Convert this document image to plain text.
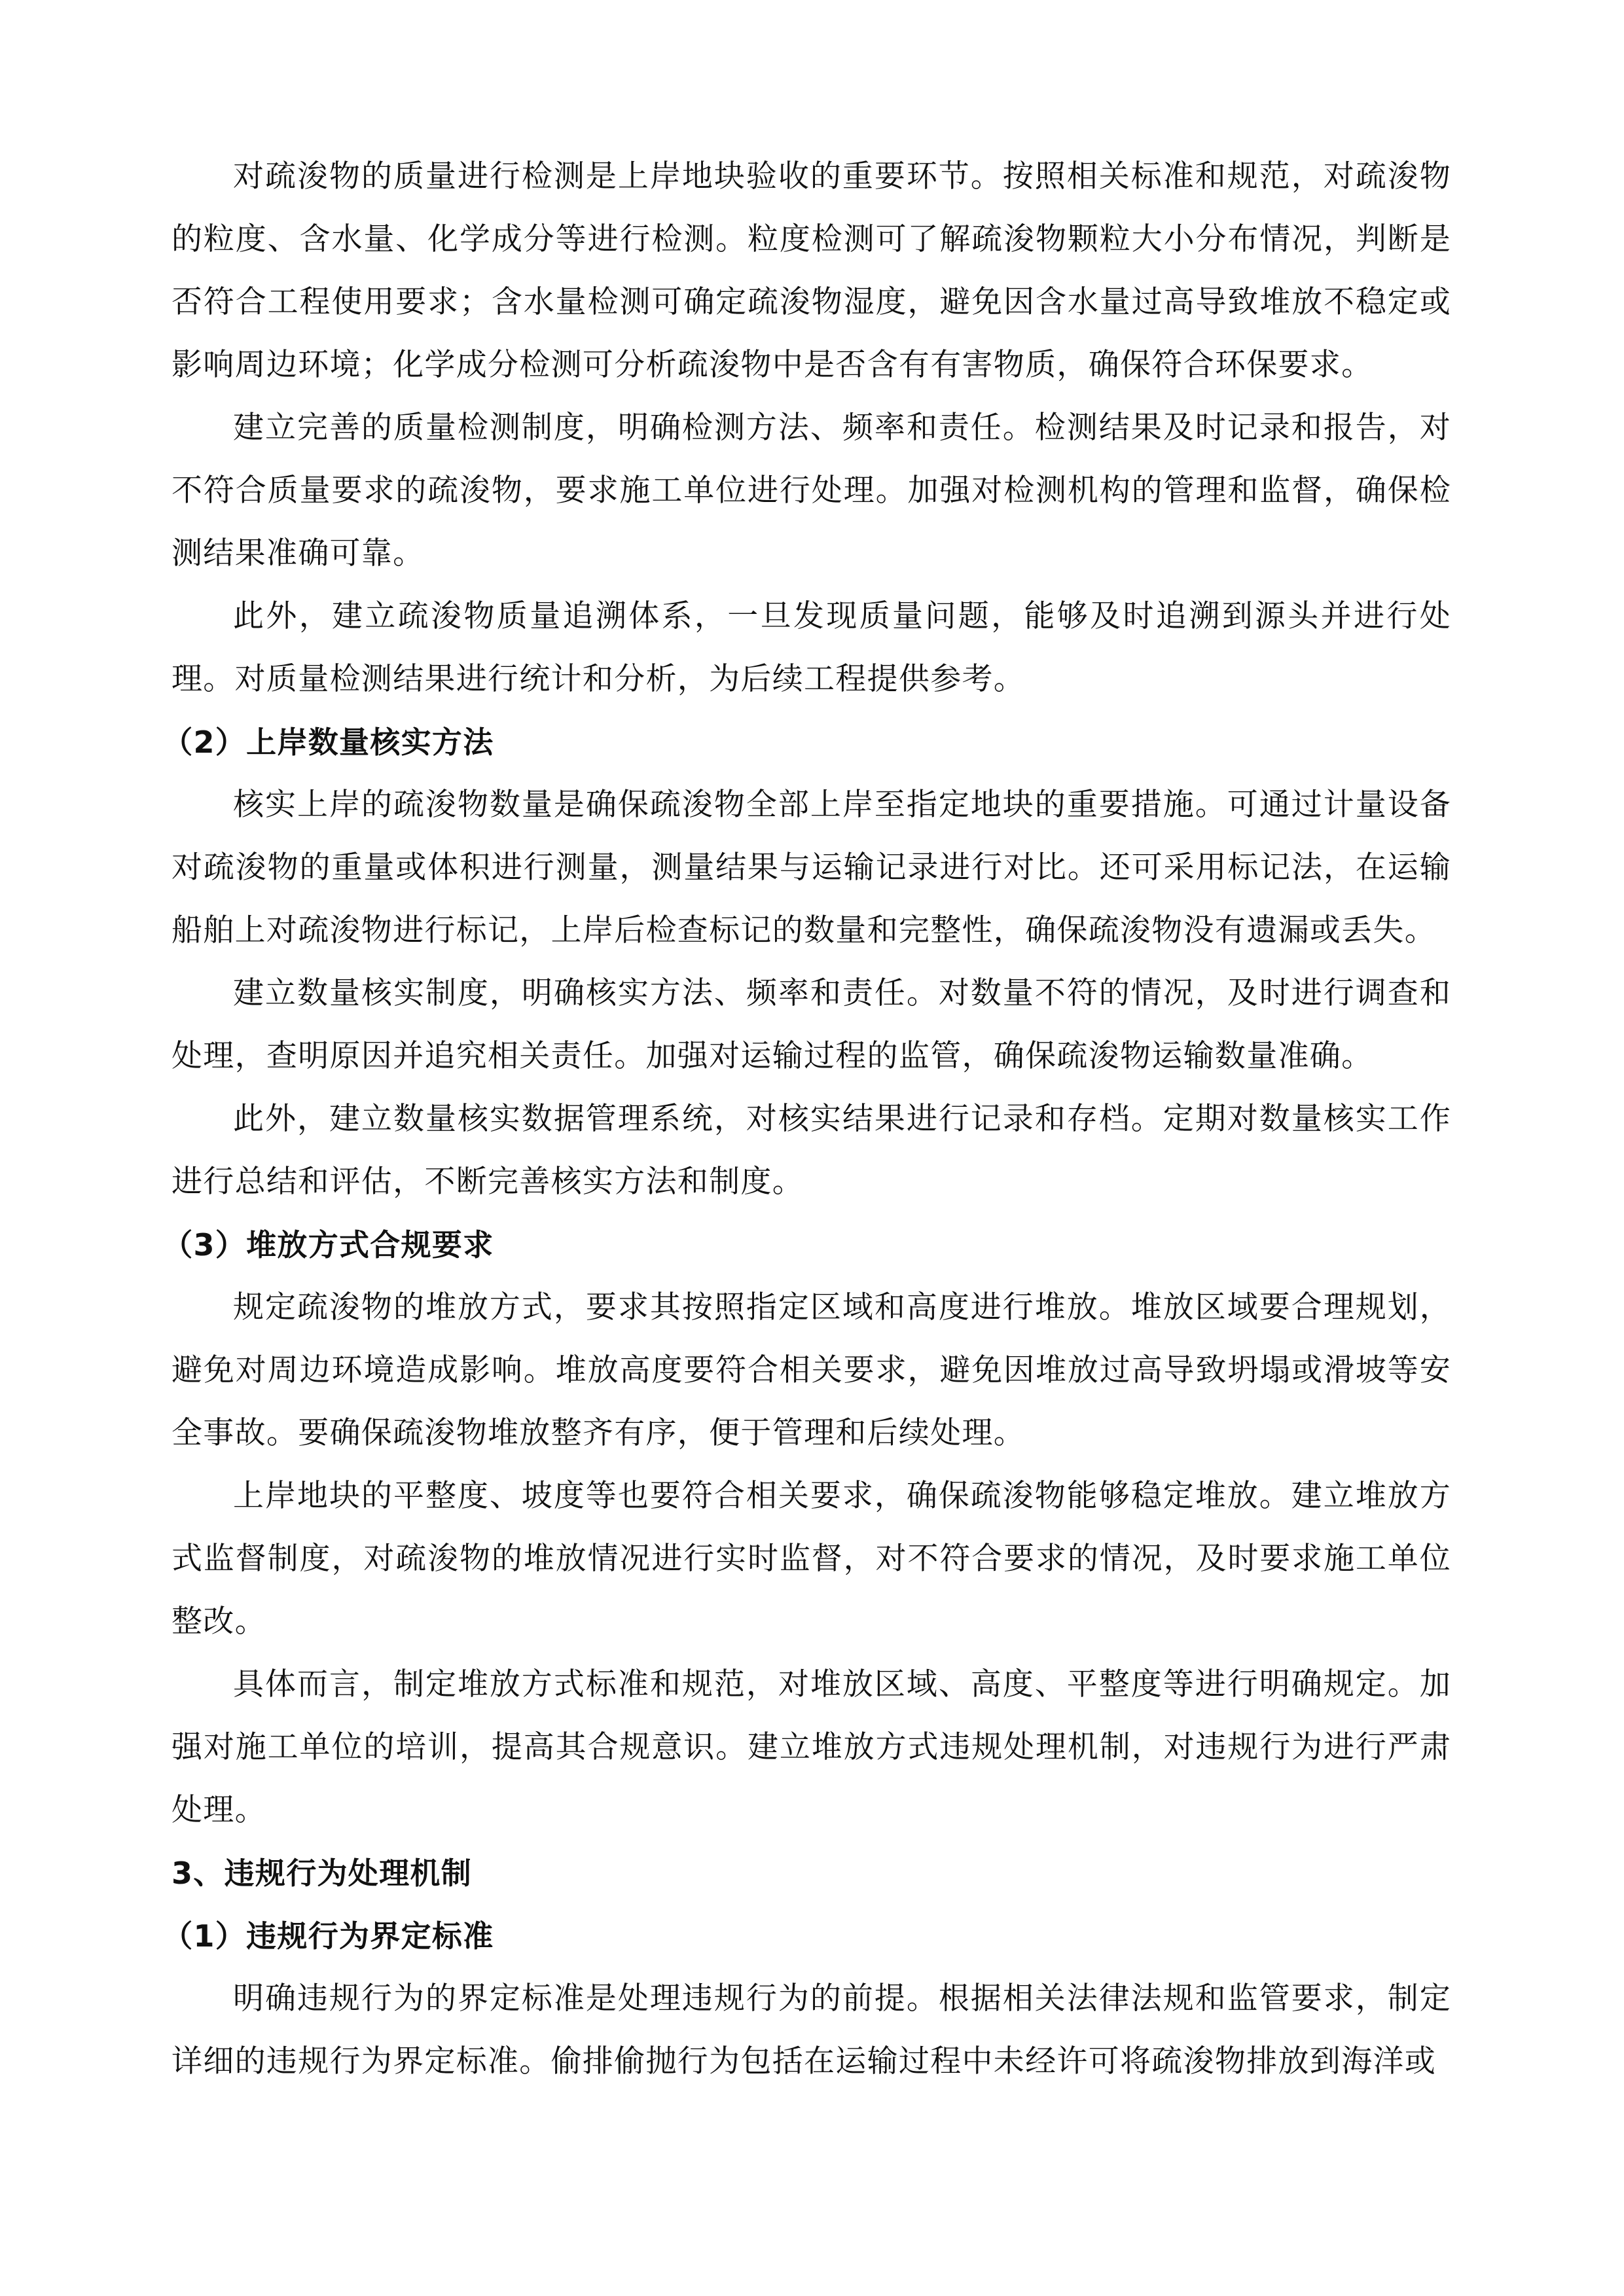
对疏浚物的质量进行检测是上岸地块验收的重要环节。按照相关标准和规范，对疏浚物的粒度、含水量、化学成分等进行检测。粒度检测可了解疏浚物颗粒大小分布情况，判断是否符合工程使用要求；含水量检测可确定疏浚物湿度，避免因含水量过高导致堆放不稳定或影响周边环境；化学成分检测可分析疏浚物中是否含有有害物质，确保符合环保要求。

建立完善的质量检测制度，明确检测方法、频率和责任。检测结果及时记录和报告，对不符合质量要求的疏浚物，要求施工单位进行处理。加强对检测机构的管理和监督，确保检测结果准确可靠。

此外，建立疏浚物质量追溯体系，一旦发现质量问题，能够及时追溯到源头并进行处理。对质量检测结果进行统计和分析，为后续工程提供参考。

（2）上岸数量核实方法

核实上岸的疏浚物数量是确保疏浚物全部上岸至指定地块的重要措施。可通过计量设备对疏浚物的重量或体积进行测量，测量结果与运输记录进行对比。还可采用标记法，在运输船舶上对疏浚物进行标记，上岸后检查标记的数量和完整性，确保疏浚物没有遗漏或丢失。

建立数量核实制度，明确核实方法、频率和责任。对数量不符的情况，及时进行调查和处理，查明原因并追究相关责任。加强对运输过程的监管，确保疏浚物运输数量准确。

此外，建立数量核实数据管理系统，对核实结果进行记录和存档。定期对数量核实工作进行总结和评估，不断完善核实方法和制度。

（3）堆放方式合规要求

规定疏浚物的堆放方式，要求其按照指定区域和高度进行堆放。堆放区域要合理规划，避免对周边环境造成影响。堆放高度要符合相关要求，避免因堆放过高导致坍塌或滑坡等安全事故。要确保疏浚物堆放整齐有序，便于管理和后续处理。

上岸地块的平整度、坡度等也要符合相关要求，确保疏浚物能够稳定堆放。建立堆放方式监督制度，对疏浚物的堆放情况进行实时监督，对不符合要求的情况，及时要求施工单位整改。

具体而言，制定堆放方式标准和规范，对堆放区域、高度、平整度等进行明确规定。加强对施工单位的培训，提高其合规意识。建立堆放方式违规处理机制，对违规行为进行严肃处理。

3、违规行为处理机制

（1）违规行为界定标准

明确违规行为的界定标准是处理违规行为的前提。根据相关法律法规和监管要求，制定详细的违规行为界定标准。偷排偷抛行为包括在运输过程中未经许可将疏浚物排放到海洋或
